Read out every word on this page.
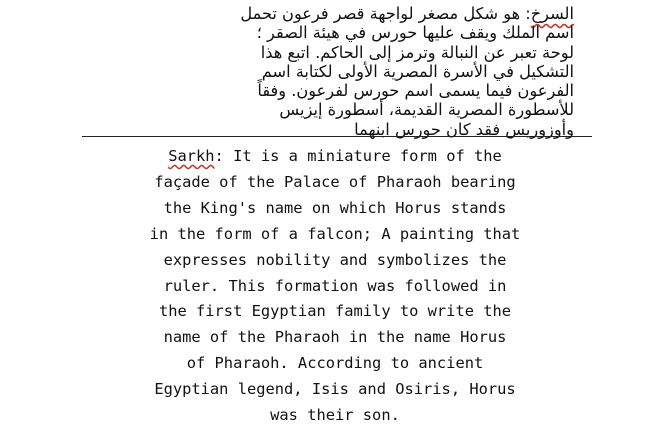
السرخ: هو شكل مصغر لواجهة قصر فرعون تحمل
اسم الملك ويقف عليها حورس في هيئة الصقر ؛
لوحة تعبر عن النبالة وترمز إلى الحاكم. اتبع هذا
التشكيل في الأسرة المصرية الأولى لكتابة اسم
الفرعون فيما يسمى اسم حورس لفرعون. وفقاً
للأسطورة المصرية القديمة، أسطورة إيزيس
وأوزوريس فقد كان حورس ابنهما
Sarkh: It is a miniature form of the
façade of the Palace of Pharaoh bearing
the King's name on which Horus stands
in the form of a falcon; A painting that
expresses nobility and symbolizes the
ruler. This formation was followed in
the first Egyptian family to write the
name of the Pharaoh in the name Horus
of Pharaoh. According to ancient
Egyptian legend, Isis and Osiris, Horus
was their son.
